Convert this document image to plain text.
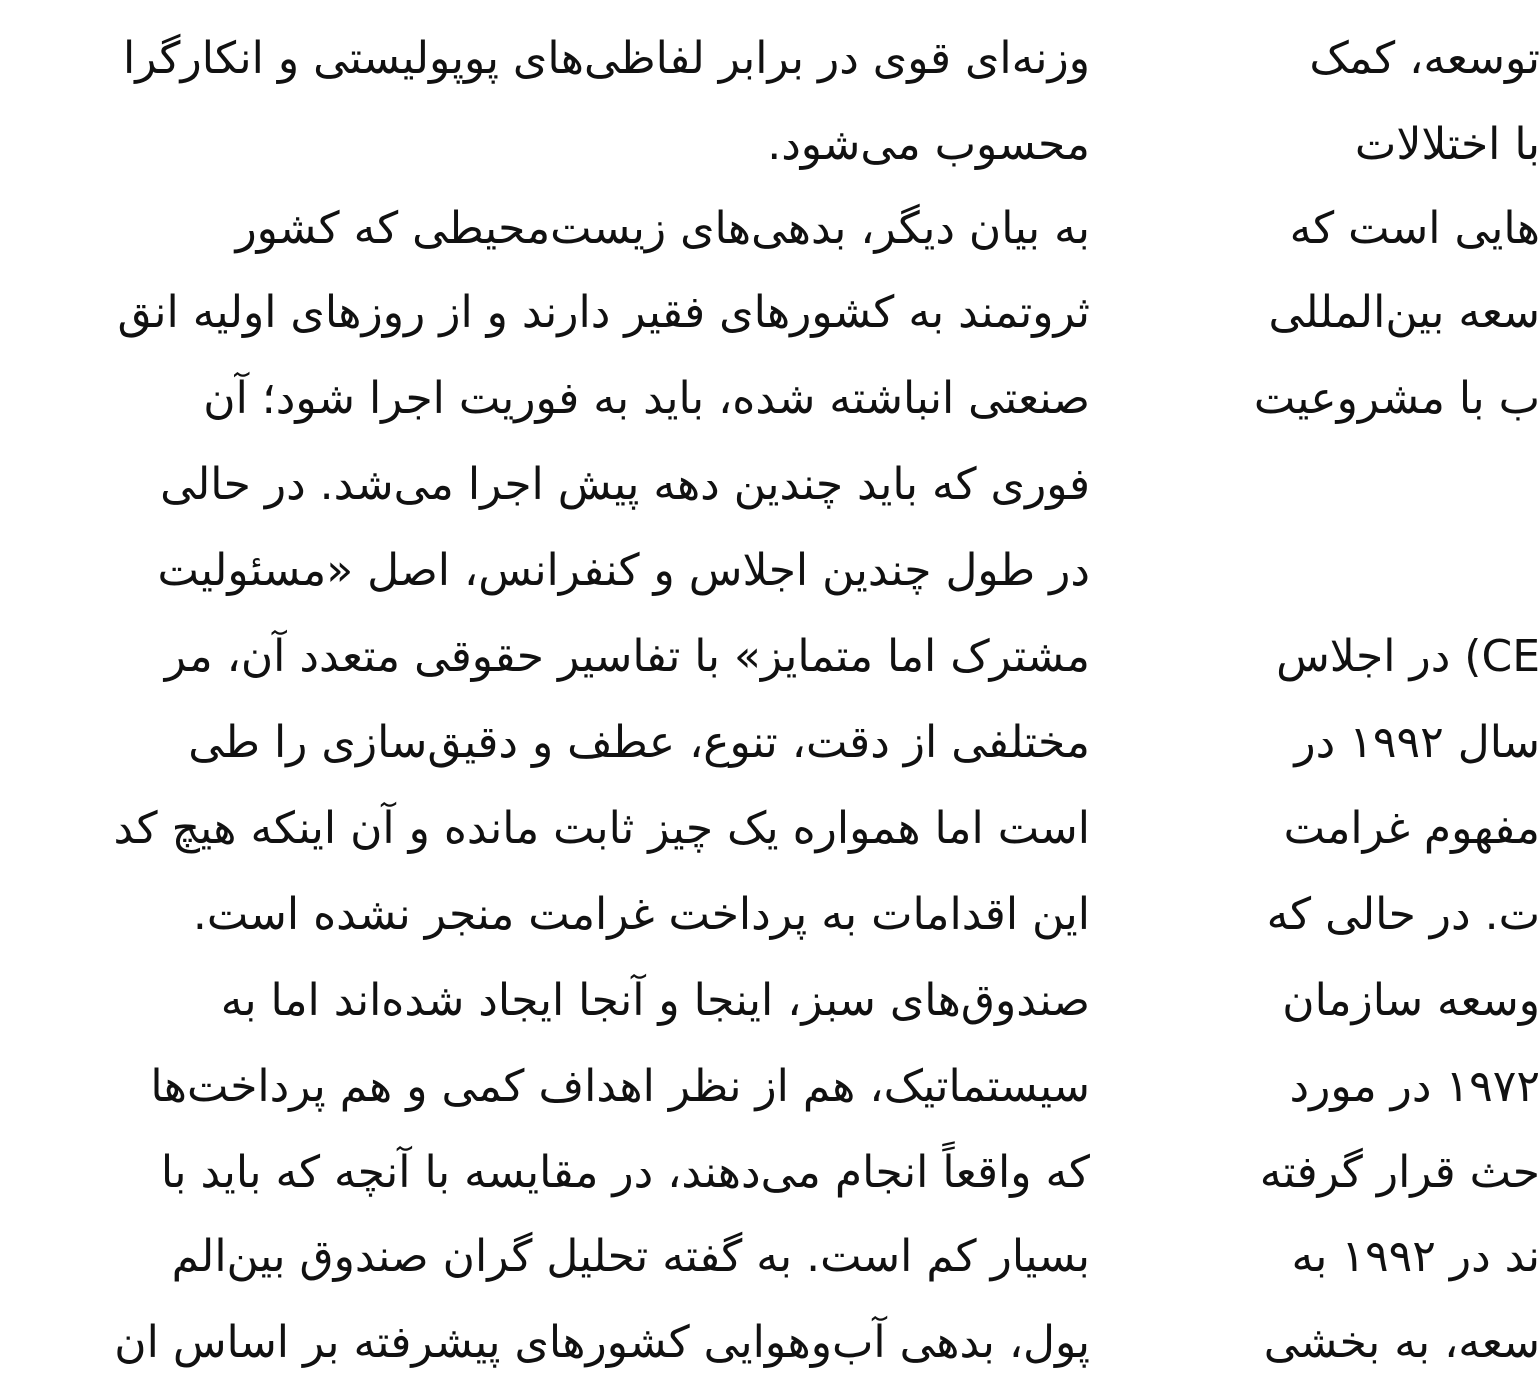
وزنه‌ای قوی در برابر لفاظی‌های پوپولیستی و انکارگرا
محسوب می‌شود.
به بیان دیگر، بدهی‌های زیست‌محیطی که کشور
ثروتمند به کشورهای فقیر دارند و از روزهای اولیه انق
صنعتی انباشته شده، باید به فوریت اجرا شود؛ آن
فوری که باید چندین دهه پیش اجرا می‌شد. در حالی
در طول چندین اجلاس و کنفرانس، اصل «مسئولیت
مشترک اما متمایز» با تفاسیر حقوقی متعدد آن، مر
مختلفی از دقت، تنوع، عطف و دقیق‌سازی را طی
است اما همواره یک چیز ثابت مانده و آن اینکه هیچ کد
این اقدامات به پرداخت غرامت منجر نشده است.
صندوق‌های سبز، اینجا و آنجا ایجاد شده‌اند اما به
سیستماتیک، هم از نظر اهداف کمی و هم پرداخت‌ها
که واقعاً انجام می‌دهند، در مقایسه با آنچه که باید با
بسیار کم است. به گفته تحلیل گران صندوق بین‌الم
پول، بدهی آب‌وهوایی کشورهای پیشرفته بر اساس ان
توسعه، کمک
با اختلالات
هایی است که
سعه بین‌المللی
ب با مشروعیت
CE) در اجلاس
سال ۱۹۹۲ در
مفهوم غرامت
ت. در حالی که
وسعه سازمان
۱۹۷۲ در مورد
حث قرار گرفته
ند در ۱۹۹۲ به
سعه، به بخشی
